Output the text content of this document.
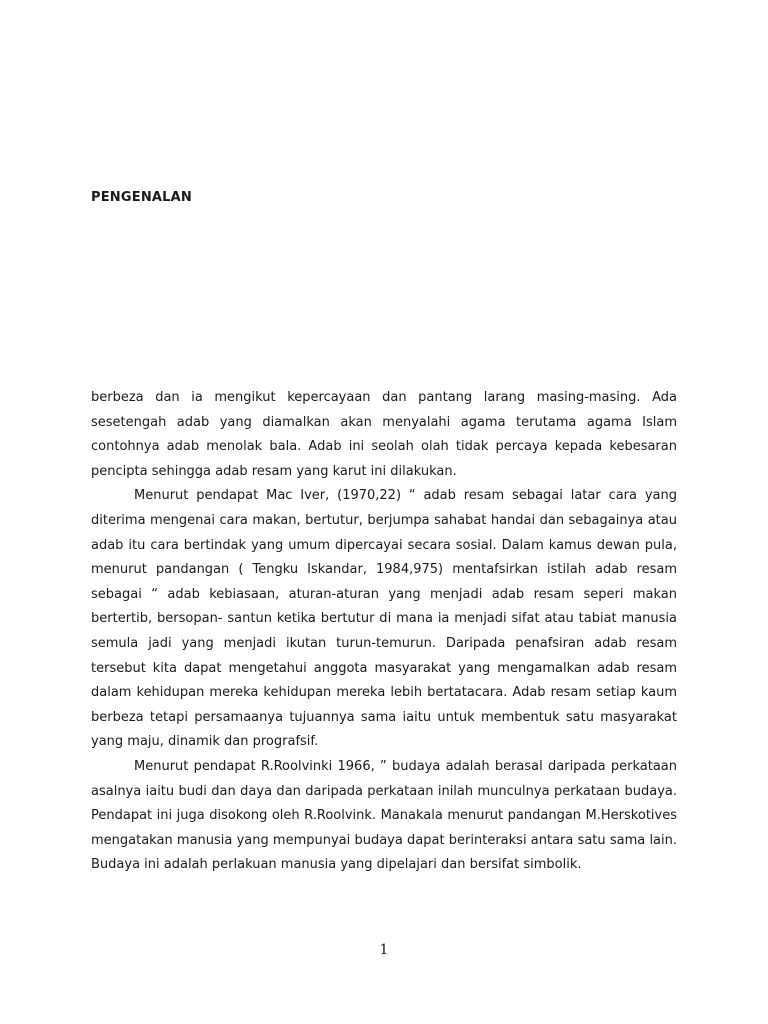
PENGENALAN

berbeza dan ia mengikut kepercayaan dan pantang larang masing-masing. Ada sesetengah adab yang diamalkan akan menyalahi agama terutama agama Islam contohnya adab menolak bala. Adab ini seolah olah tidak percaya kepada kebesaran pencipta sehingga adab resam yang karut ini dilakukan.

Menurut pendapat Mac Iver, (1970,22) “ adab resam sebagai latar cara yang diterima mengenai cara makan, bertutur, berjumpa sahabat handai dan sebagainya atau adab itu cara bertindak yang umum dipercayai secara sosial. Dalam kamus dewan pula, menurut pandangan ( Tengku Iskandar, 1984,975) mentafsirkan istilah adab resam sebagai “ adab kebiasaan, aturan-aturan yang menjadi adab resam seperi makan bertertib, bersopan- santun ketika bertutur di mana ia menjadi sifat atau tabiat manusia semula jadi yang menjadi ikutan turun-temurun. Daripada penafsiran adab resam tersebut kita dapat mengetahui anggota masyarakat yang mengamalkan adab resam dalam kehidupan mereka kehidupan mereka lebih bertatacara. Adab resam setiap kaum berbeza tetapi persamaanya tujuannya sama iaitu untuk membentuk satu masyarakat yang maju, dinamik dan prografsif.

Menurut pendapat R.Roolvinki 1966, ” budaya adalah berasal daripada perkataan asalnya iaitu budi dan daya dan daripada perkataan inilah munculnya perkataan budaya. Pendapat ini juga disokong oleh R.Roolvink. Manakala menurut pandangan M.Herskotives mengatakan manusia yang mempunyai budaya dapat berinteraksi antara satu sama lain. Budaya ini adalah perlakuan manusia yang dipelajari dan bersifat simbolik.

1
